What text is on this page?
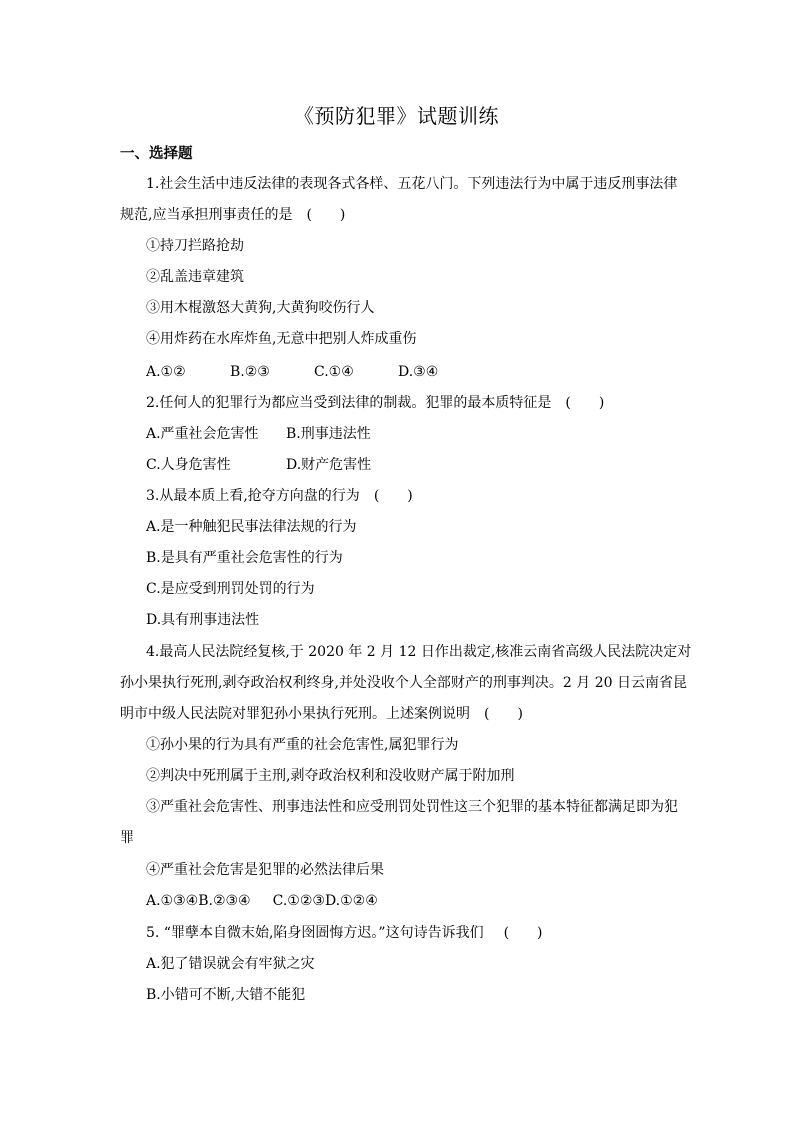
《预防犯罪》试题训练
一、选择题
1.社会生活中违反法律的表现各式各样、五花八门。下列违法行为中属于违反刑事法律
规范,应当承担刑事责任的是 (　　)
①持刀拦路抢劫
②乱盖违章建筑
③用木棍激怒大黄狗,大黄狗咬伤行人
④用炸药在水库炸鱼,无意中把别人炸成重伤
A.①②	B.②③	C.①④	D.③④
2.任何人的犯罪行为都应当受到法律的制裁。犯罪的最本质特征是 (　　)
A.严重社会危害性 B.刑事违法性
C.人身危害性	D.财产危害性
3.从最本质上看,抢夺方向盘的行为 (　　)
A.是一种触犯民事法律法规的行为
B.是具有严重社会危害性的行为
C.是应受到刑罚处罚的行为
D.具有刑事违法性
4.最高人民法院经复核,于 2020 年 2 月 12 日作出裁定,核准云南省高级人民法院决定对
孙小果执行死刑,剥夺政治权利终身,并处没收个人全部财产的刑事判决。2 月 20 日云南省昆
明市中级人民法院对罪犯孙小果执行死刑。上述案例说明 (　　)
①孙小果的行为具有严重的社会危害性,属犯罪行为
②判决中死刑属于主刑,剥夺政治权利和没收财产属于附加刑
③严重社会危害性、刑事违法性和应受刑罚处罚性这三个犯罪的基本特征都满足即为犯
罪
④严重社会危害是犯罪的必然法律后果
A.①③④B.②③④ C.①②③D.①②④
5. “罪孽本自微末始,陷身囹圄悔方迟。”这句诗告诉我们 (　　)
A.犯了错误就会有牢狱之灾
B.小错可不断,大错不能犯
